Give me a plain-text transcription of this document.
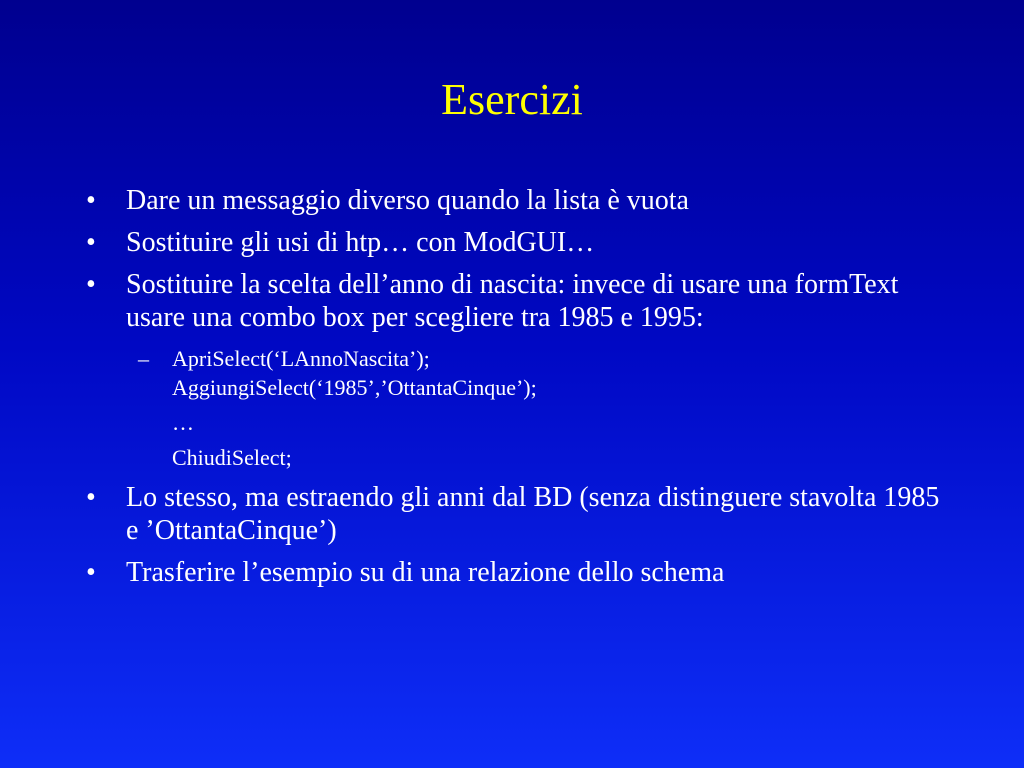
Esercizi
•	Dare un messaggio diverso quando la lista è vuota
•	Sostituire gli usi di htp… con ModGUI…
•	Sostituire la scelta dell’anno di nascita: invece di usare una formText usare una combo box per scegliere tra 1985 e 1995:
–	ApriSelect(‘LAnnoNascita’);
AggiungiSelect(‘1985’,’OttantaCinque’);
…
ChiudiSelect;
•	Lo stesso, ma estraendo gli anni dal BD (senza distinguere stavolta 1985 e ’OttantaCinque’)
•	Trasferire l’esempio su di una relazione dello schema
